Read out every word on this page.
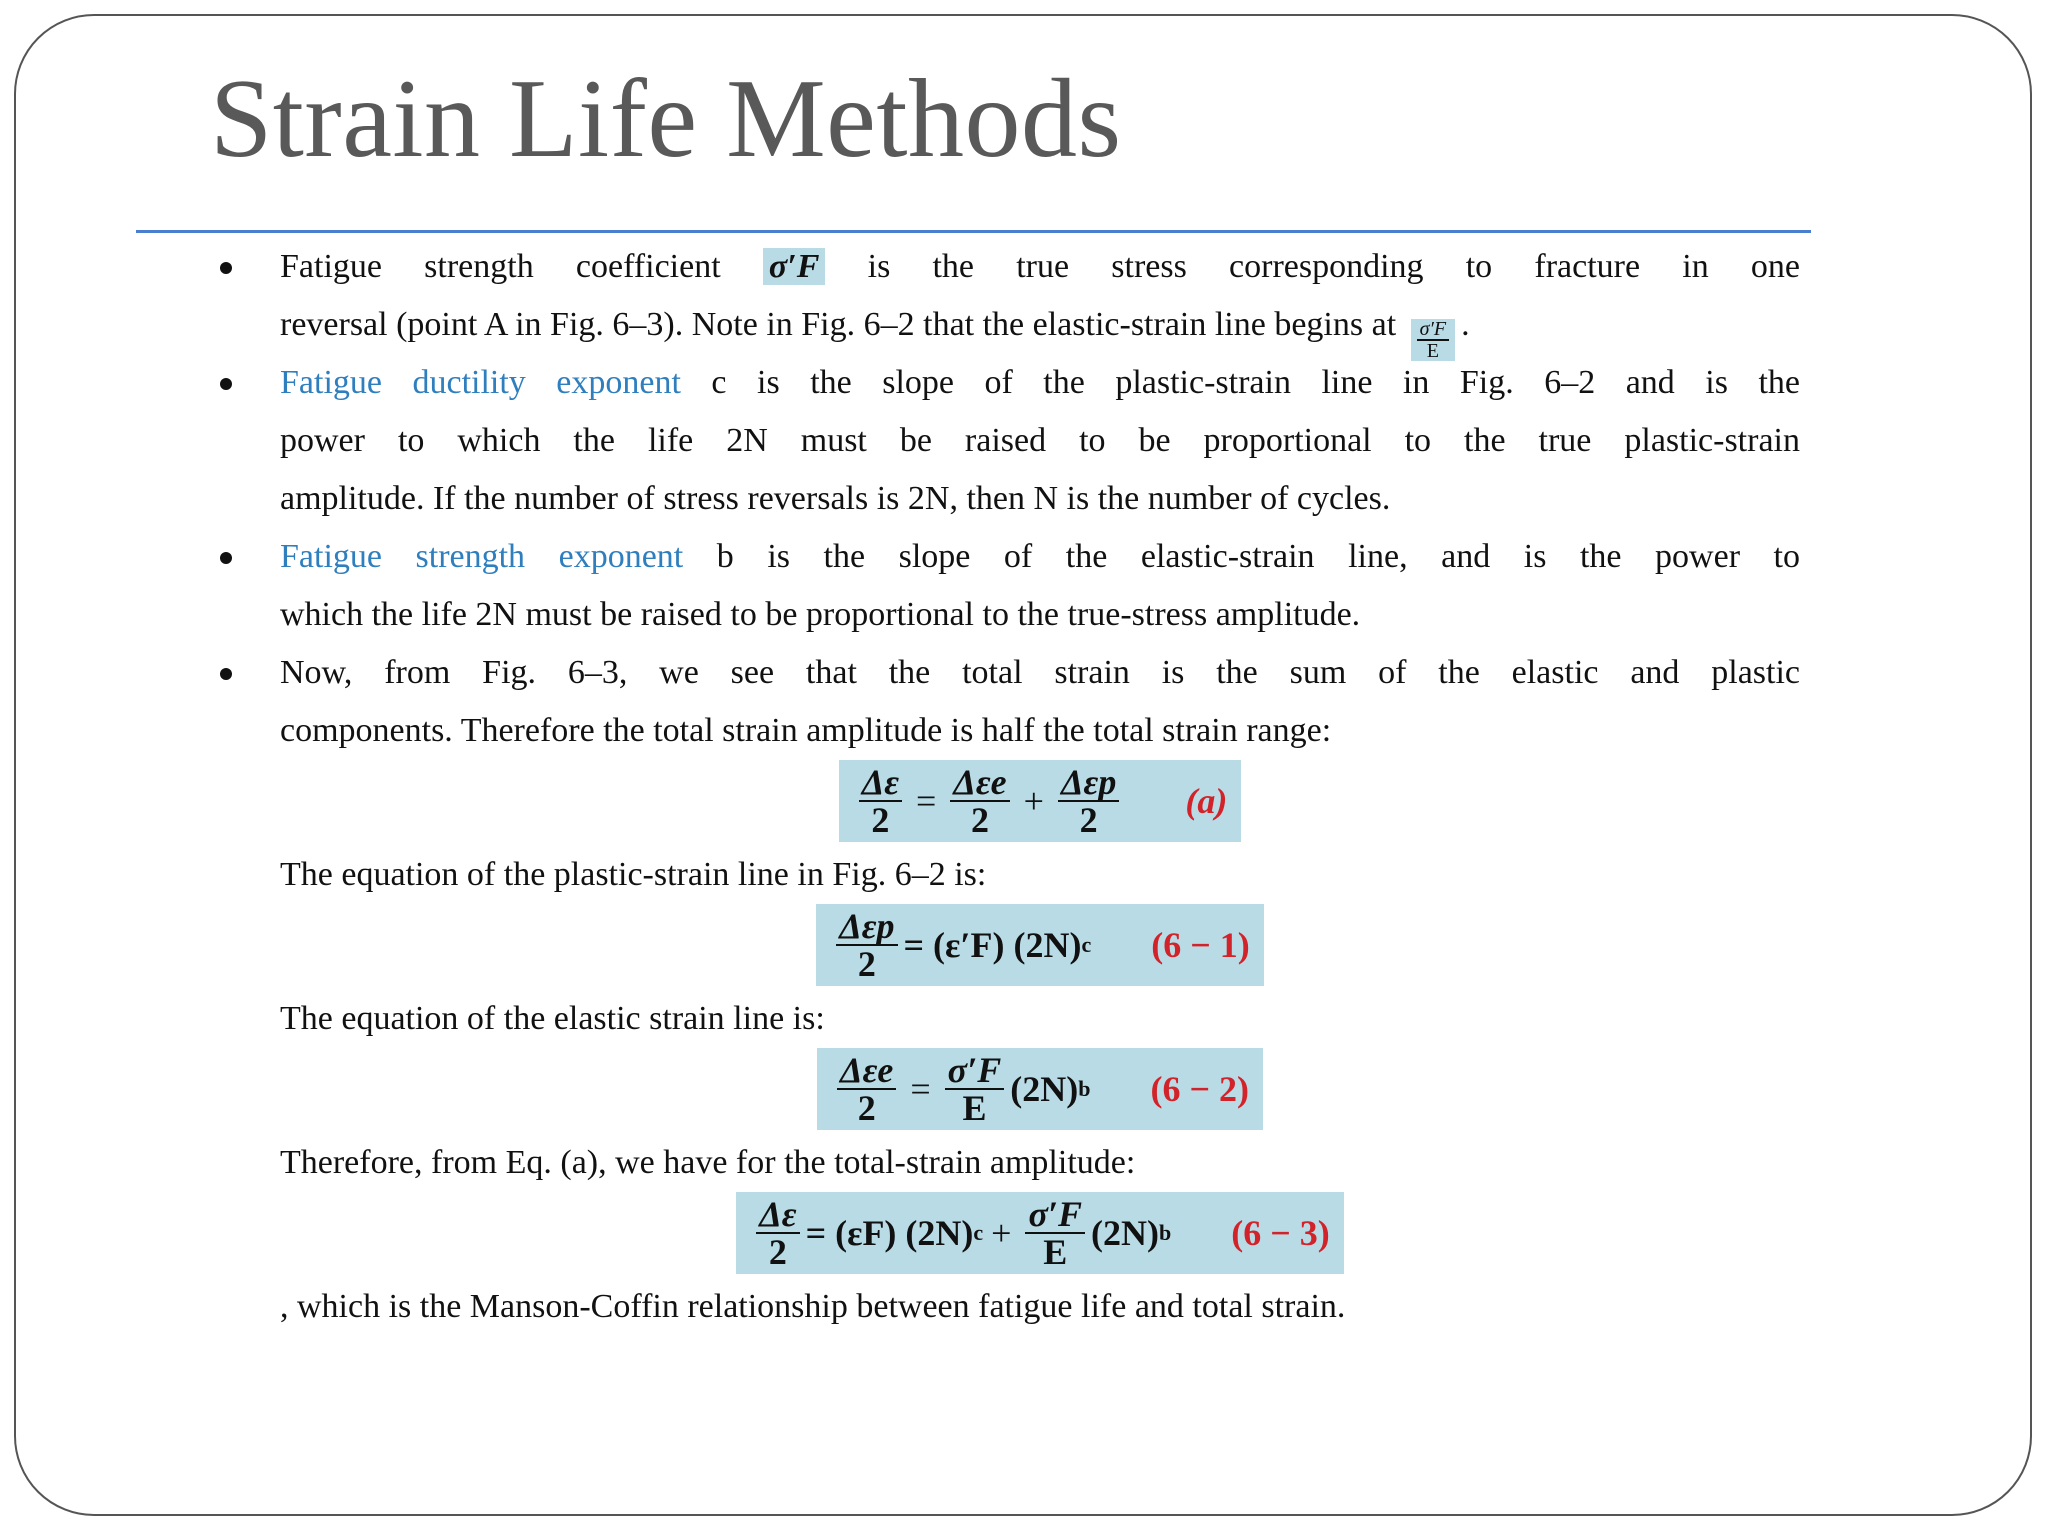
Strain Life Methods
Fatigue strength coefficient σ′F is the true stress corresponding to fracture in one
reversal (point A in Fig. 6–3). Note in Fig. 6–2 that the elastic-strain line begins at $\frac{\sigma'F}{E}$ .
Fatigue ductility exponent c is the slope of the plastic-strain line in Fig. 6–2 and is the
power to which the life 2N must be raised to be proportional to the true plastic-strain
amplitude. If the number of stress reversals is 2N, then N is the number of cycles.
Fatigue strength exponent b is the slope of the elastic-strain line, and is the power to
which the life 2N must be raised to be proportional to the true-stress amplitude.
Now, from Fig. 6–3, we see that the total strain is the sum of the elastic and plastic
components. Therefore the total strain amplitude is half the total strain range:
$\frac{\Delta\varepsilon}{2} = \frac{\text{Δεe}}{2} + \frac{\text{Δεp}}{2} (a)$
The equation of the plastic-strain line in Fig. 6–2 is:
$\frac{\text{Δεp}}{2} = (\varepsilon'F)$ (2N) c (6 − 1)
The equation of the elastic strain line is:
$\frac{\text{Δεe}}{2} = \frac{\sigma'F}{E} (2N)$ b (6 − 2)
Therefore, from Eq. (a), we have for the total-strain amplitude:
$\frac{\Delta\varepsilon}{2} = (\varepsilon F)$ (2N) $c + \frac{\sigma'F}{E} (2N)$ b (6 − 3)
, which is the Manson-Coffin relationship between fatigue life and total strain.
